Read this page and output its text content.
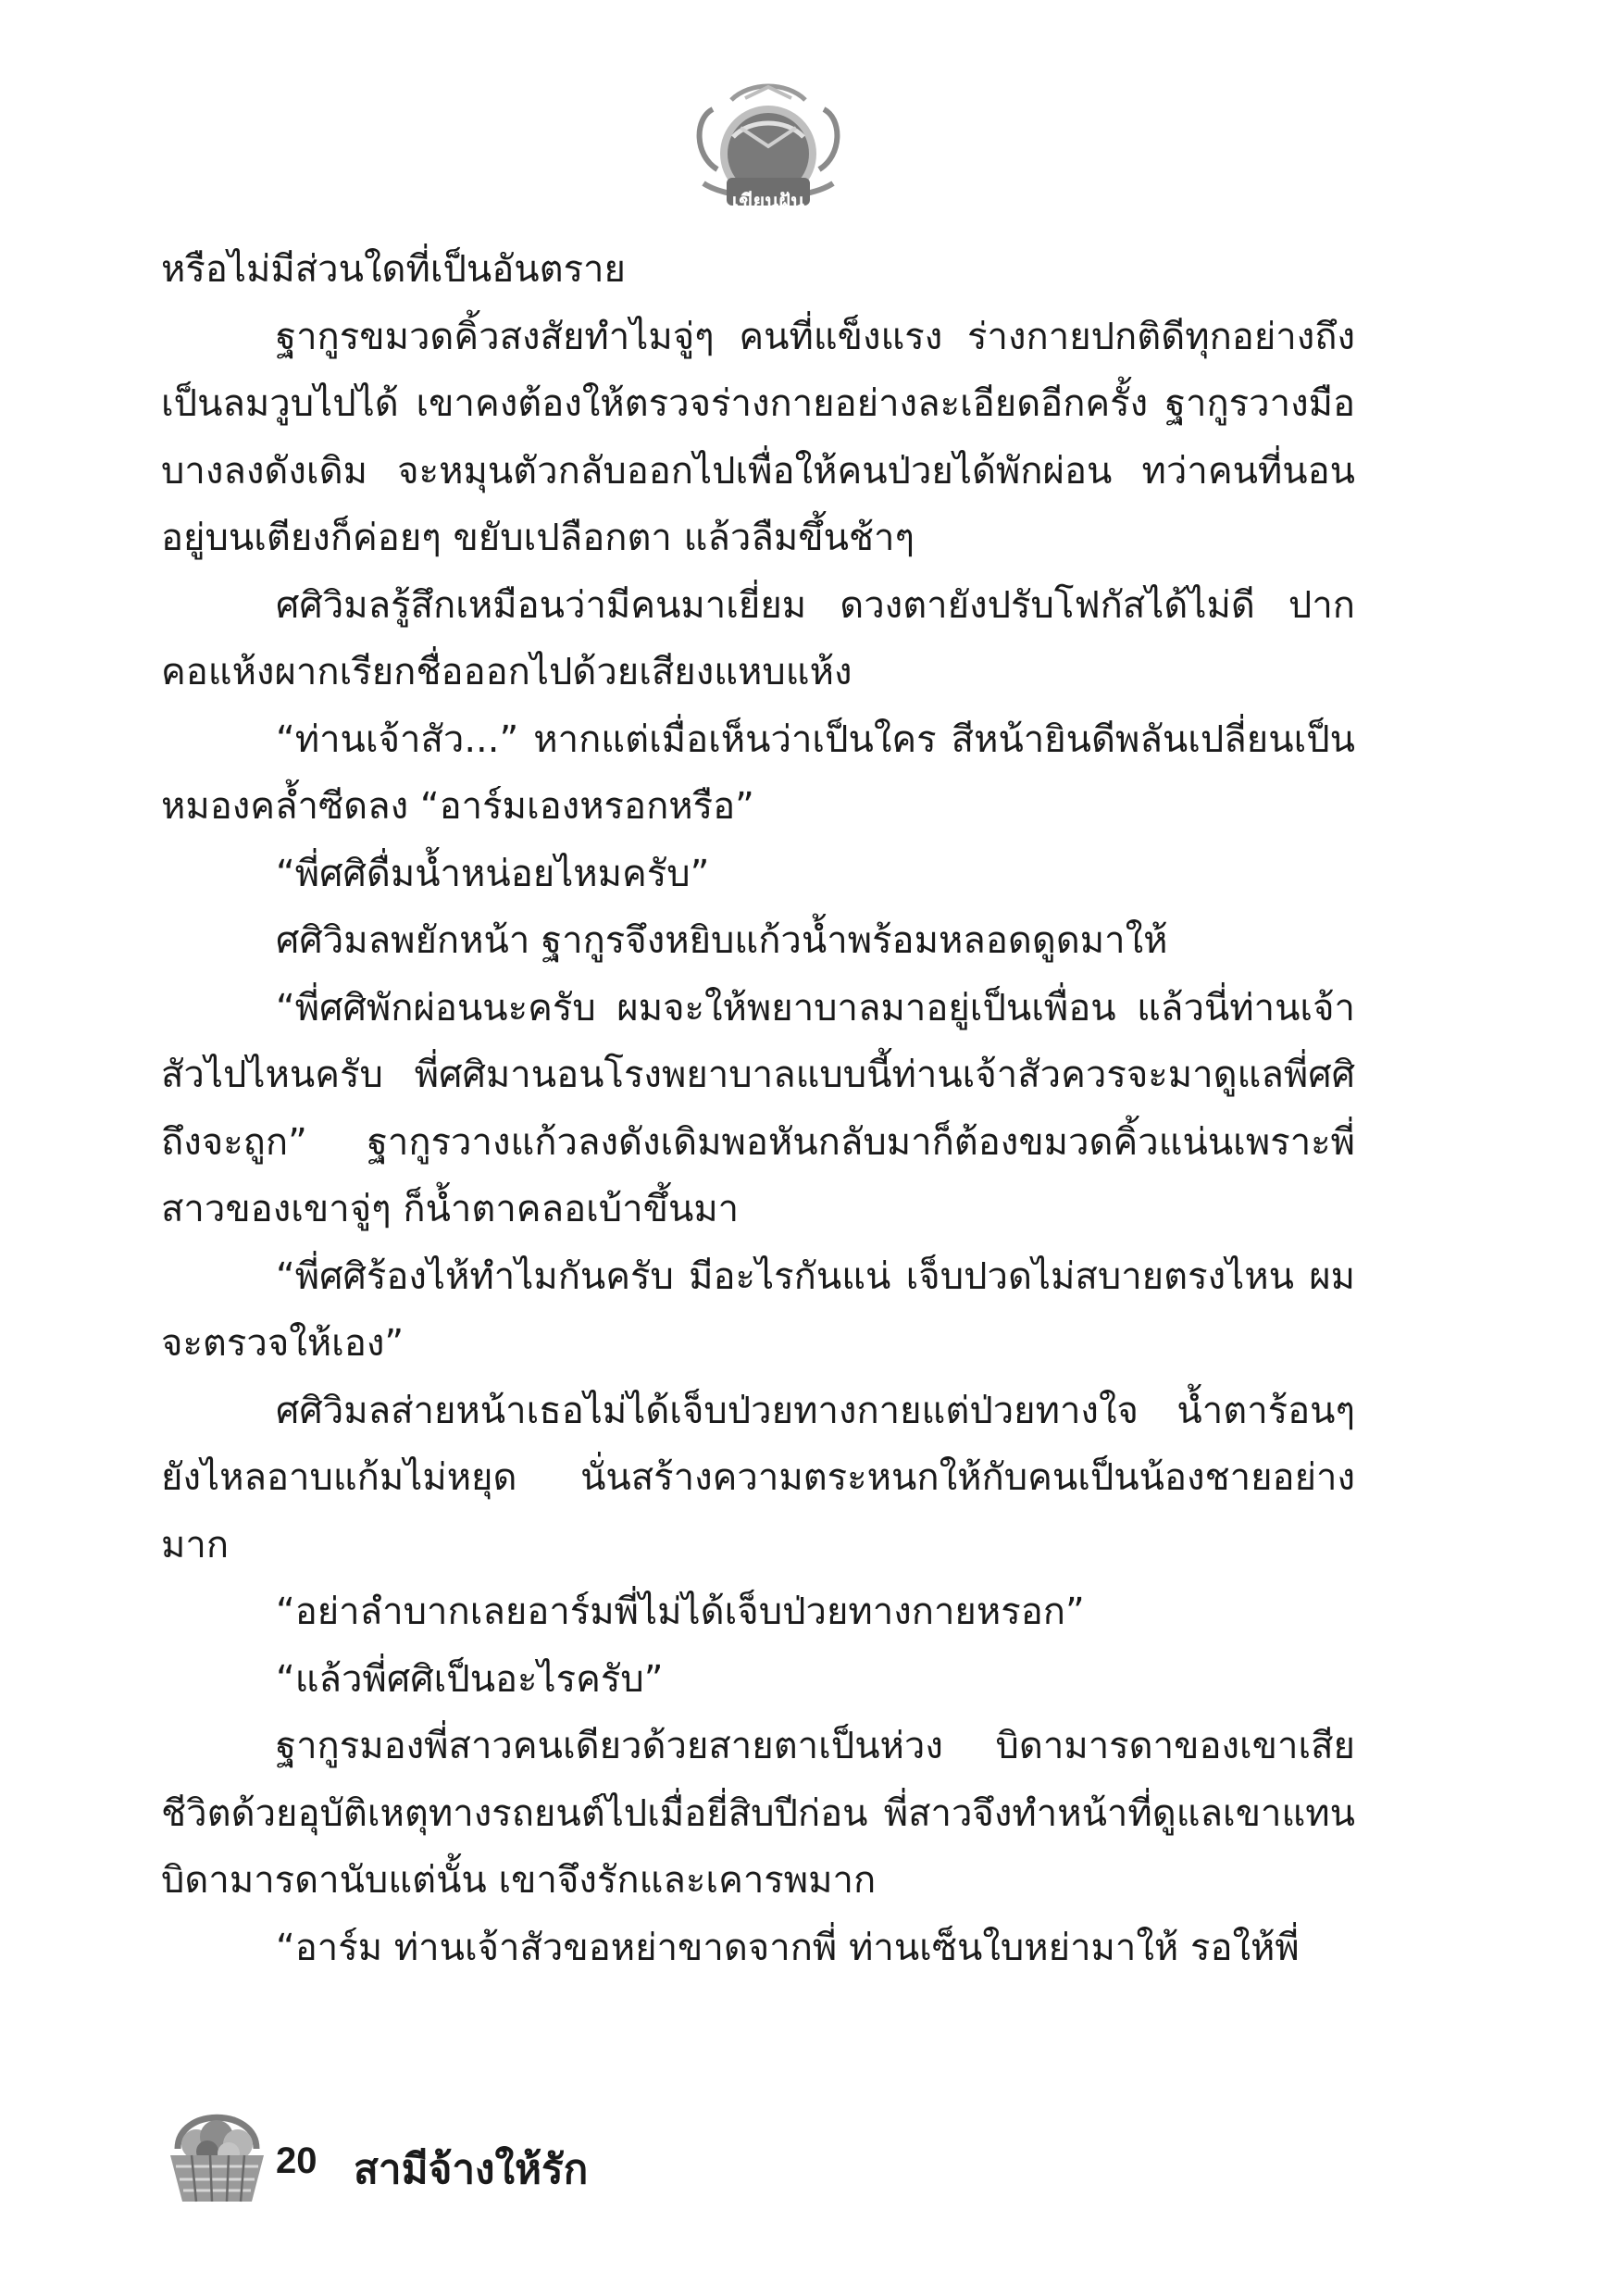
เขียนฝัน

หรือไม่มีส่วนใดที่เป็นอันตราย

ฐากูรขมวดคิ้วสงสัยทำไมจู่ๆ คนที่แข็งแรง ร่างกายปกติดีทุกอย่างถึงเป็นลมวูบไปได้ เขาคงต้องให้ตรวจร่างกายอย่างละเอียดอีกครั้ง ฐากูรวางมือบางลงดังเดิม จะหมุนตัวกลับออกไปเพื่อให้คนป่วยได้พักผ่อน ทว่าคนที่นอนอยู่บนเตียงก็ค่อยๆ ขยับเปลือกตา แล้วลืมขึ้นช้าๆ

ศศิวิมลรู้สึกเหมือนว่ามีคนมาเยี่ยม ดวงตายังปรับโฟกัสได้ไม่ดี ปากคอแห้งผากเรียกชื่อออกไปด้วยเสียงแหบแห้ง

“ท่านเจ้าสัว...” หากแต่เมื่อเห็นว่าเป็นใคร สีหน้ายินดีพลันเปลี่ยนเป็นหมองคล้ำซีดลง “อาร์มเองหรอกหรือ”

“พี่ศศิดื่มน้ำหน่อยไหมครับ”

ศศิวิมลพยักหน้า ฐากูรจึงหยิบแก้วน้ำพร้อมหลอดดูดมาให้

“พี่ศศิพักผ่อนนะครับ ผมจะให้พยาบาลมาอยู่เป็นเพื่อน แล้วนี่ท่านเจ้าสัวไปไหนครับ พี่ศศิมานอนโรงพยาบาลแบบนี้ท่านเจ้าสัวควรจะมาดูแลพี่ศศิถึงจะถูก” ฐากูรวางแก้วลงดังเดิมพอหันกลับมาก็ต้องขมวดคิ้วแน่นเพราะพี่สาวของเขาจู่ๆ ก็น้ำตาคลอเบ้าขึ้นมา

“พี่ศศิร้องไห้ทำไมกันครับ มีอะไรกันแน่ เจ็บปวดไม่สบายตรงไหน ผมจะตรวจให้เอง”

ศศิวิมลส่ายหน้าเธอไม่ได้เจ็บป่วยทางกายแต่ป่วยทางใจ น้ำตาร้อนๆ ยังไหลอาบแก้มไม่หยุด นั่นสร้างความตระหนกให้กับคนเป็นน้องชายอย่างมาก

“อย่าลำบากเลยอาร์มพี่ไม่ได้เจ็บป่วยทางกายหรอก”

“แล้วพี่ศศิเป็นอะไรครับ”

ฐากูรมองพี่สาวคนเดียวด้วยสายตาเป็นห่วง บิดามารดาของเขาเสียชีวิตด้วยอุบัติเหตุทางรถยนต์ไปเมื่อยี่สิบปีก่อน พี่สาวจึงทำหน้าที่ดูแลเขาแทนบิดามารดานับแต่นั้น เขาจึงรักและเคารพมาก

“อาร์ม ท่านเจ้าสัวขอหย่าขาดจากพี่ ท่านเซ็นใบหย่ามาให้ รอให้พี่

20 สามีจ้างให้รัก
